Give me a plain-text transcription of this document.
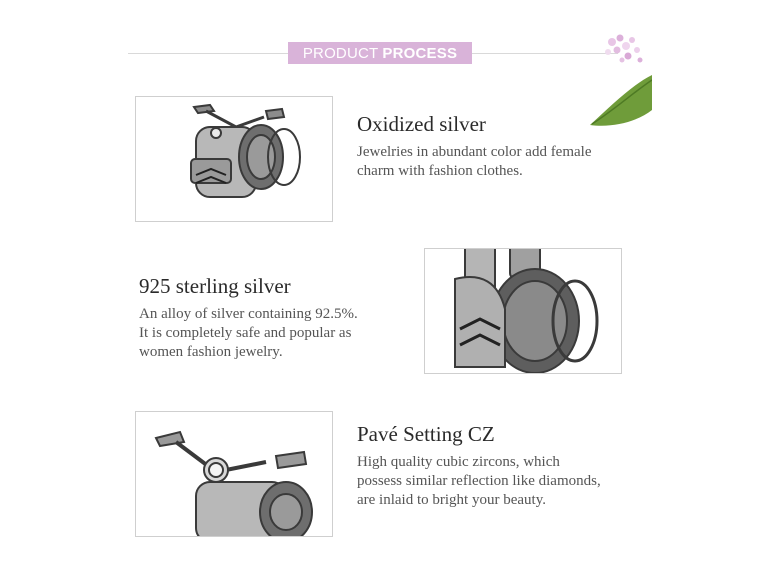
PRODUCT PROCESS
Oxidized silver
Jewelries in abundant color add female
charm with fashion clothes.
925 sterling silver
An alloy of silver containing 92.5%.
It is completely safe and popular as
women fashion jewelry.
Pavé Setting CZ
High quality cubic zircons, which
possess similar reflection like diamonds,
are inlaid to bright your beauty.
